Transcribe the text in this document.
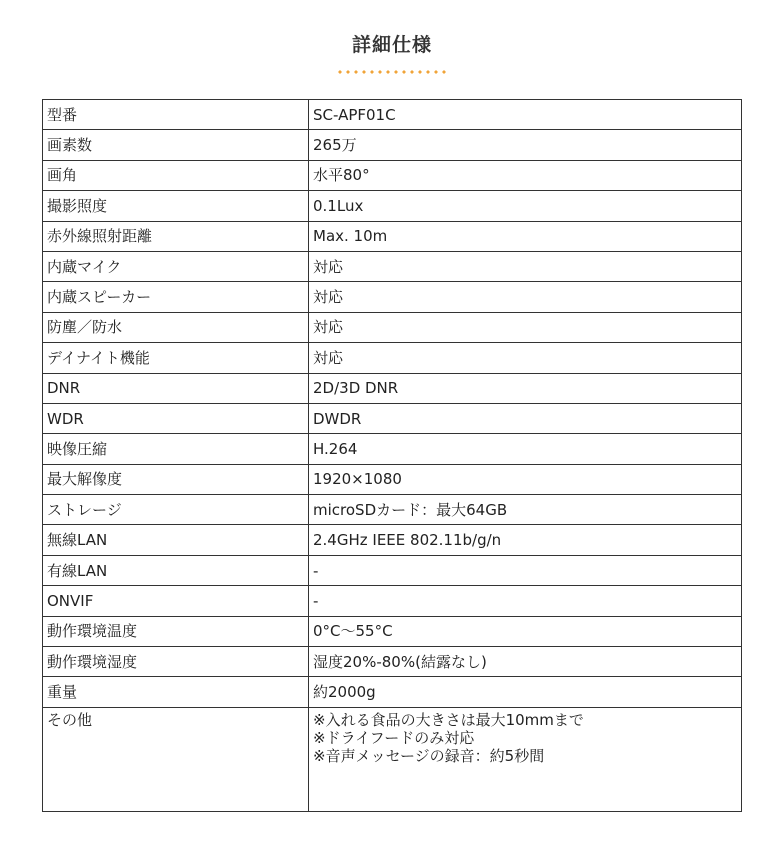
詳細仕様
型番	SC-APF01C
画素数	265万
画角	水平80°
撮影照度	0.1Lux
赤外線照射距離	Max. 10m
内蔵マイク	対応
内蔵スピーカー	対応
防塵／防水	対応
デイナイト機能	対応
DNR	2D/3D DNR
WDR	DWDR
映像圧縮	H.264
最大解像度	1920×1080
ストレージ	microSDカード：最大64GB
無線LAN	2.4GHz IEEE 802.11b/g/n
有線LAN	-
ONVIF	-
動作環境温度	0°C～55°C
動作環境湿度	湿度20%-80%(結露なし)
重量	約2000g
その他	※入れる食品の大きさは最大10mmまで
※ドライフードのみ対応
※音声メッセージの録音：約5秒間
